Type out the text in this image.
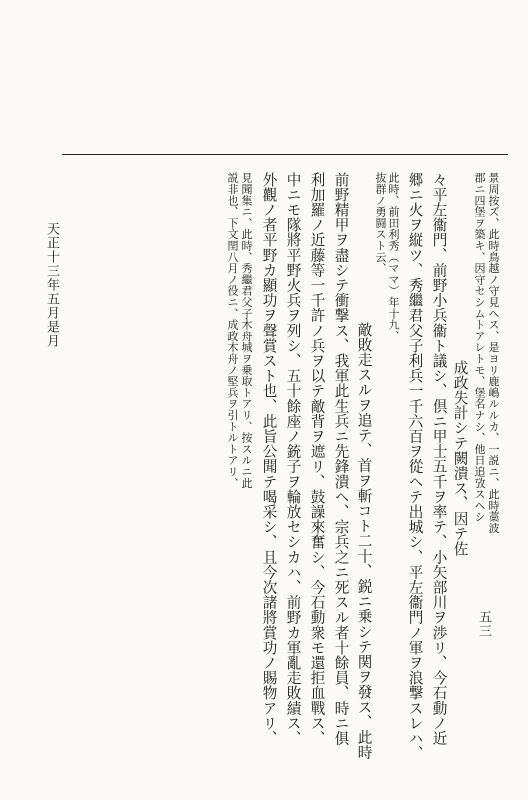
景周按ズ、此時鳥越ノ守見ヘス、是ヨリ鹿嶋ルルカ、一説ニ、此時藁波
郡ニ四堡ヲ築キ、因守セシムトアレトモ、堡名ナシ、他日追攷スヘシ
成政失計シテ闕潰ス、因テ佐
々平左衞門、前野小兵衞ト議シ、倶ニ甲士五千ヲ率テ、小矢部川ヲ渉リ、今石動ノ近
郷ニ火ヲ縦ツ、秀繼君父子利兵一千六百ヲ從ヘテ出城シ、平左衞門ノ軍ヲ浪撃スレハ、
此時、前田利秀（ママ）年十九、
抜群ノ勇闘スト云、
敵敗走スルヲ追テ、首ヲ斬コト二十、鋭ニ乗シテ関ヲ發ス、此時
前野精甲ヲ盡シテ衝撃ス、我軍此生兵ニ先鋒潰ヘ、宗兵之ニ死スル者十餘員、時ニ俱
利加羅ノ近藤等一千許ノ兵ヲ以テ敵背ヲ遮リ、鼓譟來奮シ、今石動衆モ還拒血戰ス、
中ニモ隊將平野火兵ヲ列シ、五十餘座ノ銃子ヲ輪放セシカハ、前野カ軍亂走敗績ス、
外觀ノ者平野カ顯功ヲ聲賞スト也、此旨公聞テ喝采シ、且今次諸將賞功ノ賜物アリ、
見聞集ニ、此時、秀繼君父子木舟城ヲ乗取トアリ、按スルニ此
説非也、下文閏八月ノ役ニ、成政木舟ノ堅兵ヲ引トルトアリ、
天正十三年五月是月
五三
